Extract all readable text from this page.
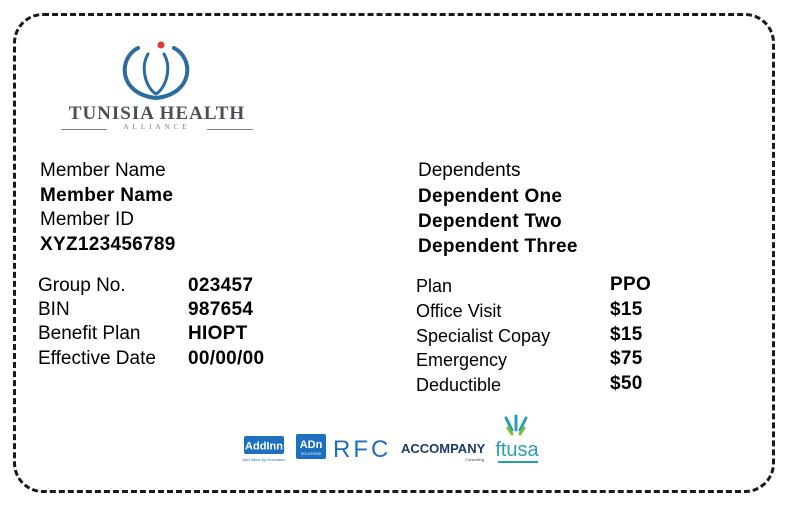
TUNISIA HEALTH
ALLIANCE
Member Name
Member Name
Member ID
XYZ123456789
Group No.	023457
BIN	987654
Benefit Plan	HIOPT
Effective Date 00/00/00
Dependents
Dependent One
Dependent Two
Dependent Three
Plan	PPO
Office Visit	$15
Specialist Copay	$15
Emergency	$75
Deductible	$50
AddInn
Add Value by Innovation
ADn
SOLUTIONS RFC ACCOMPANY
Consulting ftusa
